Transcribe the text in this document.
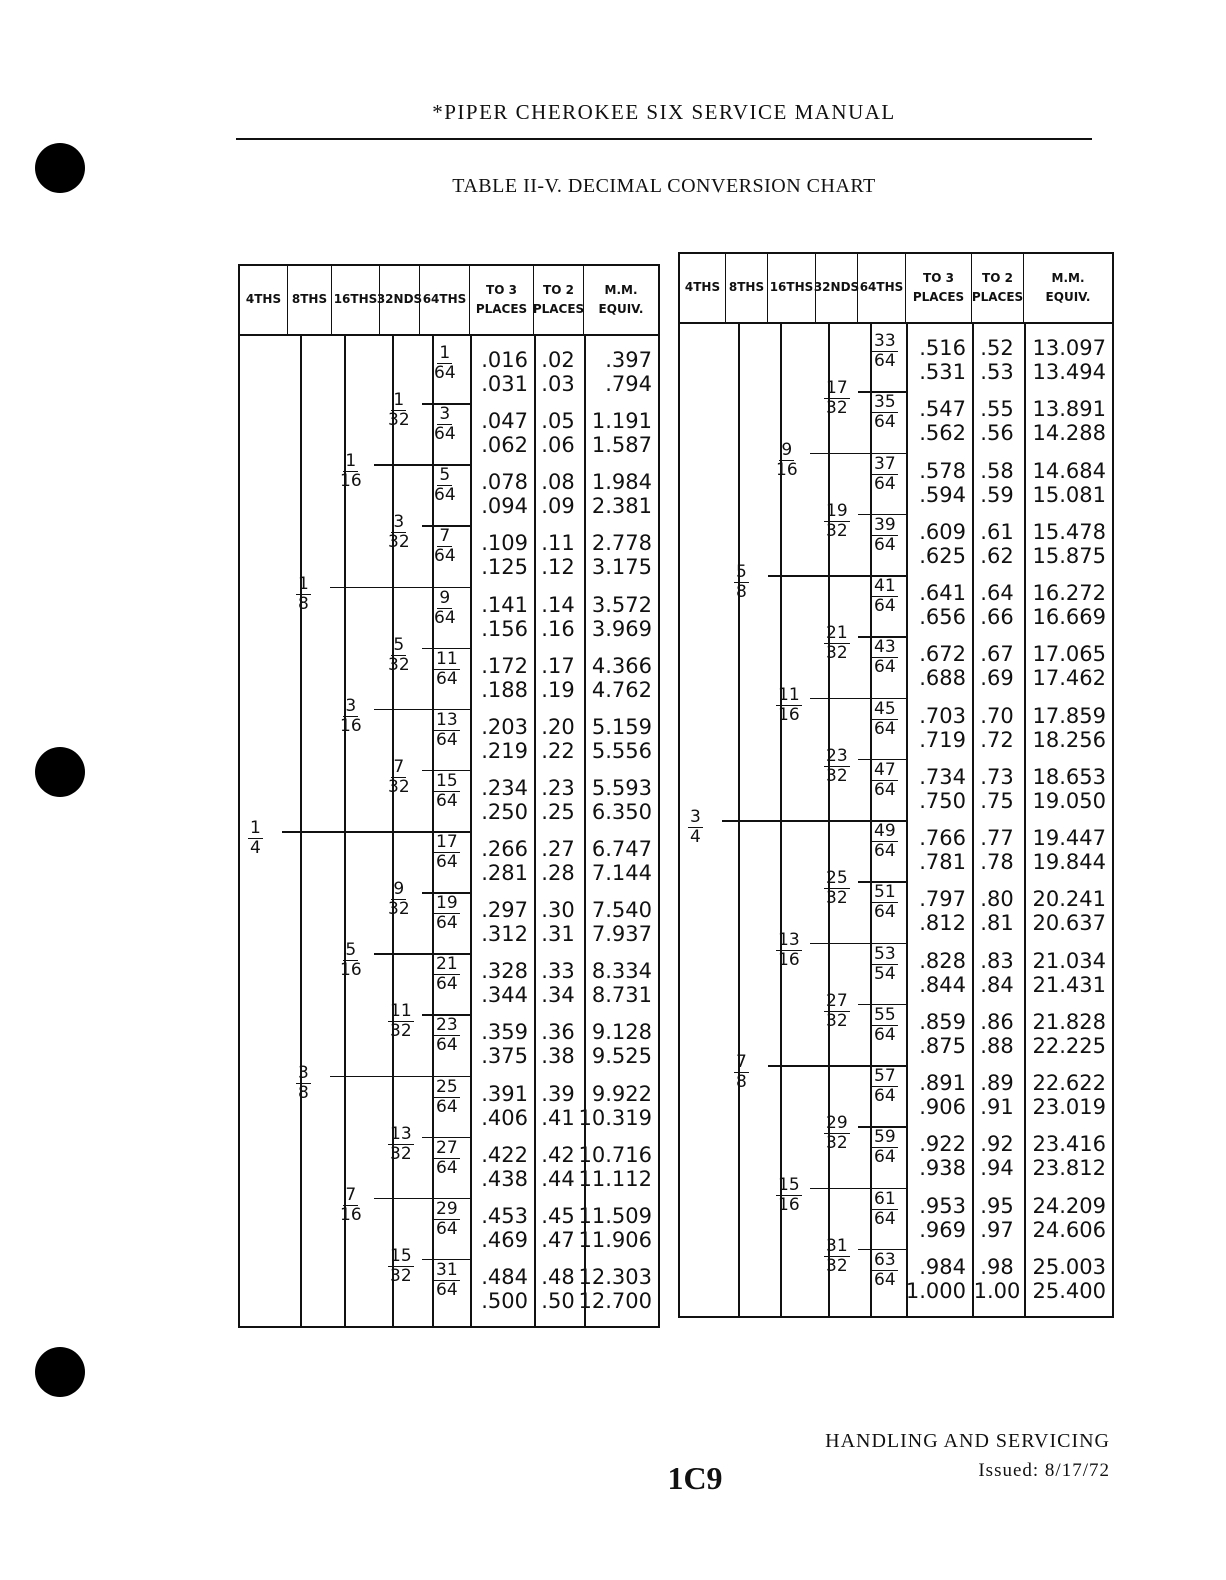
*PIPER CHEROKEE SIX SERVICE MANUAL
TABLE II-V. DECIMAL CONVERSION CHART
4THS 8THS 16THS 32NDS 64THS
TO 3
PLACES
TO 2
PLACES
M.M.
EQUIV.
$\frac{1}{4}$
$\frac{1}{8}$
$\frac{3}{8}$
$\frac{1}{16}$
$\frac{3}{16}$
$\frac{5}{16}$
$\frac{7}{16}$
$\frac{1}{32}$
$\frac{3}{32}$
$\frac{5}{32}$
$\frac{7}{32}$
$\frac{9}{32}$
$\frac{11}{32}$
$\frac{13}{32}$
$\frac{15}{32}$
$\frac{1}{64} .016$
.031
.02
.03
.397
.794
$\frac{3}{64} .047$
.062
.05
.06
1.191
1.587
$\frac{5}{64} .078$
.094
.08
.09
1.984
2.381
$\frac{7}{64} .109$
.125
.11
.12
2.778
3.175
$\frac{9}{64} .141$
.156
.14
.16
3.572
3.969
$\frac{11}{64} .172$
.188
.17
.19
4.366
4.762
$\frac{13}{64} .203$
.219
.20
.22
5.159
5.556
$\frac{15}{64} .234$
.250
.23
.25
5.593
6.350
$\frac{17}{64} .266$
.281
.27
.28
6.747
7.144
$\frac{19}{64} .297$
.312
.30
.31
7.540
7.937
$\frac{21}{64} .328$
.344
.33
.34
8.334
8.731
$\frac{23}{64} .359$
.375
.36
.38
9.128
9.525
$\frac{25}{64} .391$
.406
.39
.41
9.922
10.319
$\frac{27}{64} .422$
.438
.42
.44
10.716
11.112
$\frac{29}{64} .453$
.469
.45
.47
11.509
11.906
$\frac{31}{64} .484$
.500
.48
.50
12.303
12.700
4THS 8THS 16THS 32NDS 64THS
TO 3
PLACES
TO 2
PLACES
M.M.
EQUIV.
$\frac{3}{4}$
$\frac{5}{8}$
$\frac{7}{8}$
$\frac{9}{16}$
$\frac{11}{16}$
$\frac{13}{16}$
$\frac{15}{16}$
$\frac{17}{32}$
$\frac{19}{32}$
$\frac{21}{32}$
$\frac{23}{32}$
$\frac{25}{32}$
$\frac{27}{32}$
$\frac{29}{32}$
$\frac{31}{32}$
$\frac{33}{64} .516$
.531
.52
.53
13.097
13.494
$\frac{35}{64} .547$
.562
.55
.56
13.891
14.288
$\frac{37}{64} .578$
.594
.58
.59
14.684
15.081
$\frac{39}{64} .609$
.625
.61
.62
15.478
15.875
$\frac{41}{64} .641$
.656
.64
.66
16.272
16.669
$\frac{43}{64} .672$
.688
.67
.69
17.065
17.462
$\frac{45}{64} .703$
.719
.70
.72
17.859
18.256
$\frac{47}{64} .734$
.750
.73
.75
18.653
19.050
$\frac{49}{64} .766$
.781
.77
.78
19.447
19.844
$\frac{51}{64} .797$
.812
.80
.81
20.241
20.637
$\frac{53}{54} .828$
.844
.83
.84
21.034
21.431
$\frac{55}{64} .859$
.875
.86
.88
21.828
22.225
$\frac{57}{64} .891$
.906
.89
.91
22.622
23.019
$\frac{59}{64} .922$
.938
.92
.94
23.416
23.812
$\frac{61}{64} .953$
.969
.95
.97
24.209
24.606
$\frac{63}{64} .984$
1.000
.98
1.00
25.003
25.400
1C9
HANDLING AND SERVICING
Issued: 8/17/72
